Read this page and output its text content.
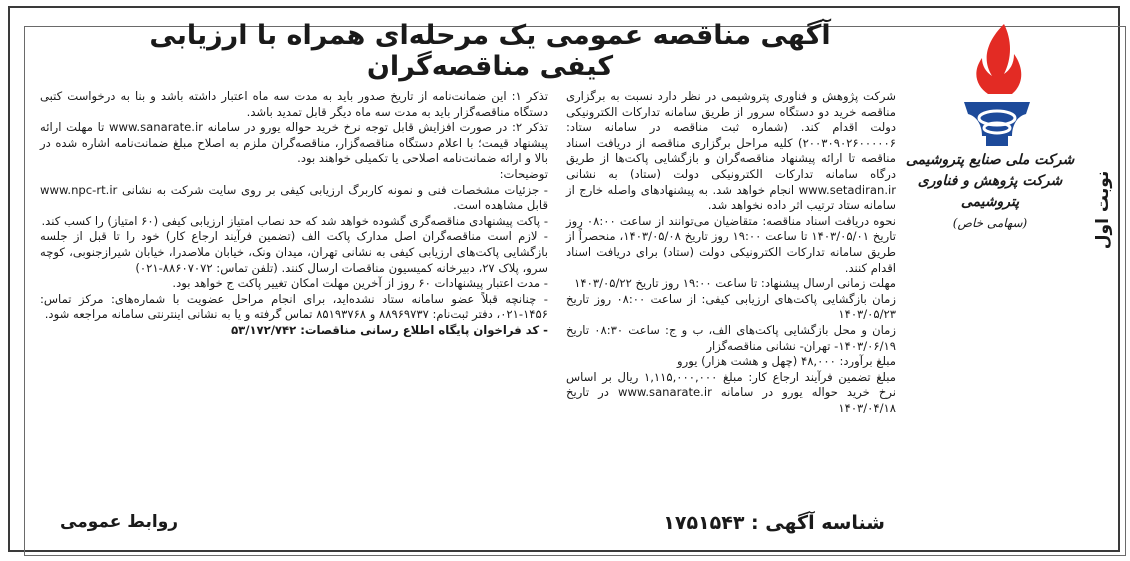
آگهی مناقصه عمومی یک مرحله‌ای همراه با ارزیابی کیفی مناقصه‌گران
نوبت اول
شرکت ملی صنایع پتروشیمی
شرکت پژوهش و فناوری پتروشیمی
(سهامی خاص)

شرکت پژوهش و فناوری پتروشیمی در نظر دارد نسبت به برگزاری مناقصه خرید دو دستگاه سرور از طریق سامانه تدارکات الکترونیکی دولت اقدام کند. (شماره ثبت مناقصه در سامانه ستاد: ۲۰۰۳۰۹۰۲۶۰۰۰۰۰۶) کلیه مراحل برگزاری مناقصه از دریافت اسناد مناقصه تا ارائه پیشنهاد مناقصه‌گران و بازگشایی پاکت‌ها از طریق درگاه سامانه تدارکات الکترونیکی دولت (ستاد) به نشانی www.setadiran.ir انجام خواهد شد. به پیشنهادهای واصله خارج از سامانه ستاد ترتیب اثر داده نخواهد شد.

نحوه دریافت اسناد مناقصه: متقاضیان می‌توانند از ساعت ۰۸:۰۰ روز تاریخ ۱۴۰۳/۰۵/۰۱ تا ساعت ۱۹:۰۰ روز تاریخ ۱۴۰۳/۰۵/۰۸، منحصراً از طریق سامانه تدارکات الکترونیکی دولت (ستاد) برای دریافت اسناد اقدام کنند.

مهلت زمانی ارسال پیشنهاد: تا ساعت ۱۹:۰۰ روز تاریخ ۱۴۰۳/۰۵/۲۲

زمان بازگشایی پاکت‌های ارزیابی کیفی: از ساعت ۰۸:۰۰ روز تاریخ ۱۴۰۳/۰۵/۲۳

زمان و محل بازگشایی پاکت‌های الف، ب و ج: ساعت ۰۸:۳۰ تاریخ ۱۴۰۳/۰۶/۱۹- تهران- نشانی مناقصه‌گزار

مبلغ برآورد: ۴۸,۰۰۰ (چهل و هشت هزار) یورو

مبلغ تضمین فرآیند ارجاع کار: مبلغ ۱,۱۱۵,۰۰۰,۰۰۰ ریال بر اساس نرخ خرید حواله یورو در سامانه www.sanarate.ir در تاریخ ۱۴۰۳/۰۴/۱۸

تذکر ۱: این ضمانت‌نامه از تاریخ صدور باید به مدت سه ماه اعتبار داشته باشد و بنا به درخواست کتبی دستگاه مناقصه‌گزار باید به مدت سه ماه دیگر قابل تمدید باشد.

تذکر ۲: در صورت افزایش قابل توجه نرخ خرید حواله یورو در سامانه www.sanarate.ir تا مهلت ارائه پیشنهاد قیمت؛ با اعلام دستگاه مناقصه‌گزار، مناقصه‌گران ملزم به اصلاح مبلغ ضمانت‌نامه اشاره شده در بالا و ارائه ضمانت‌نامه اصلاحی یا تکمیلی خواهند بود.

توضیحات:

- جزئیات مشخصات فنی و نمونه کاربرگ ارزیابی کیفی بر روی سایت شرکت به نشانی www.npc-rt.ir قابل مشاهده است.

- پاکت پیشنهادی مناقصه‌گری گشوده خواهد شد که حد نصاب امتیاز ارزیابی کیفی (۶۰ امتیاز) را کسب کند.

- لازم است مناقصه‌گران اصل مدارک پاکت الف (تضمین فرآیند ارجاع کار) خود را تا قبل از جلسه بازگشایی پاکت‌های ارزیابی کیفی به نشانی تهران، میدان ونک، خیابان ملاصدرا، خیابان شیرازجنوبی، کوچه سرو، پلاک ۲۷، دبیرخانه کمیسیون مناقصات ارسال کنند. (تلفن تماس: ۸۸۶۰۷۰۷۲-۰۲۱)

- مدت اعتبار پیشنهادات ۶۰ روز از آخرین مهلت امکان تغییر پاکت ج خواهد بود.

- چنانچه قبلاً عضو سامانه ستاد نشده‌اید، برای انجام مراحل عضویت با شماره‌های: مرکز تماس: ۱۴۵۶-۰۲۱، دفتر ثبت‌نام: ۸۸۹۶۹۷۳۷ و ۸۵۱۹۳۷۶۸ تماس گرفته و یا به نشانی اینترنتی سامانه مراجعه شود.

- کد فراخوان پایگاه اطلاع رسانی مناقصات: ۵۳/۱۷۲/۷۴۲

شناسه آگهی : ۱۷۵۱۵۴۳
روابط عمومی
